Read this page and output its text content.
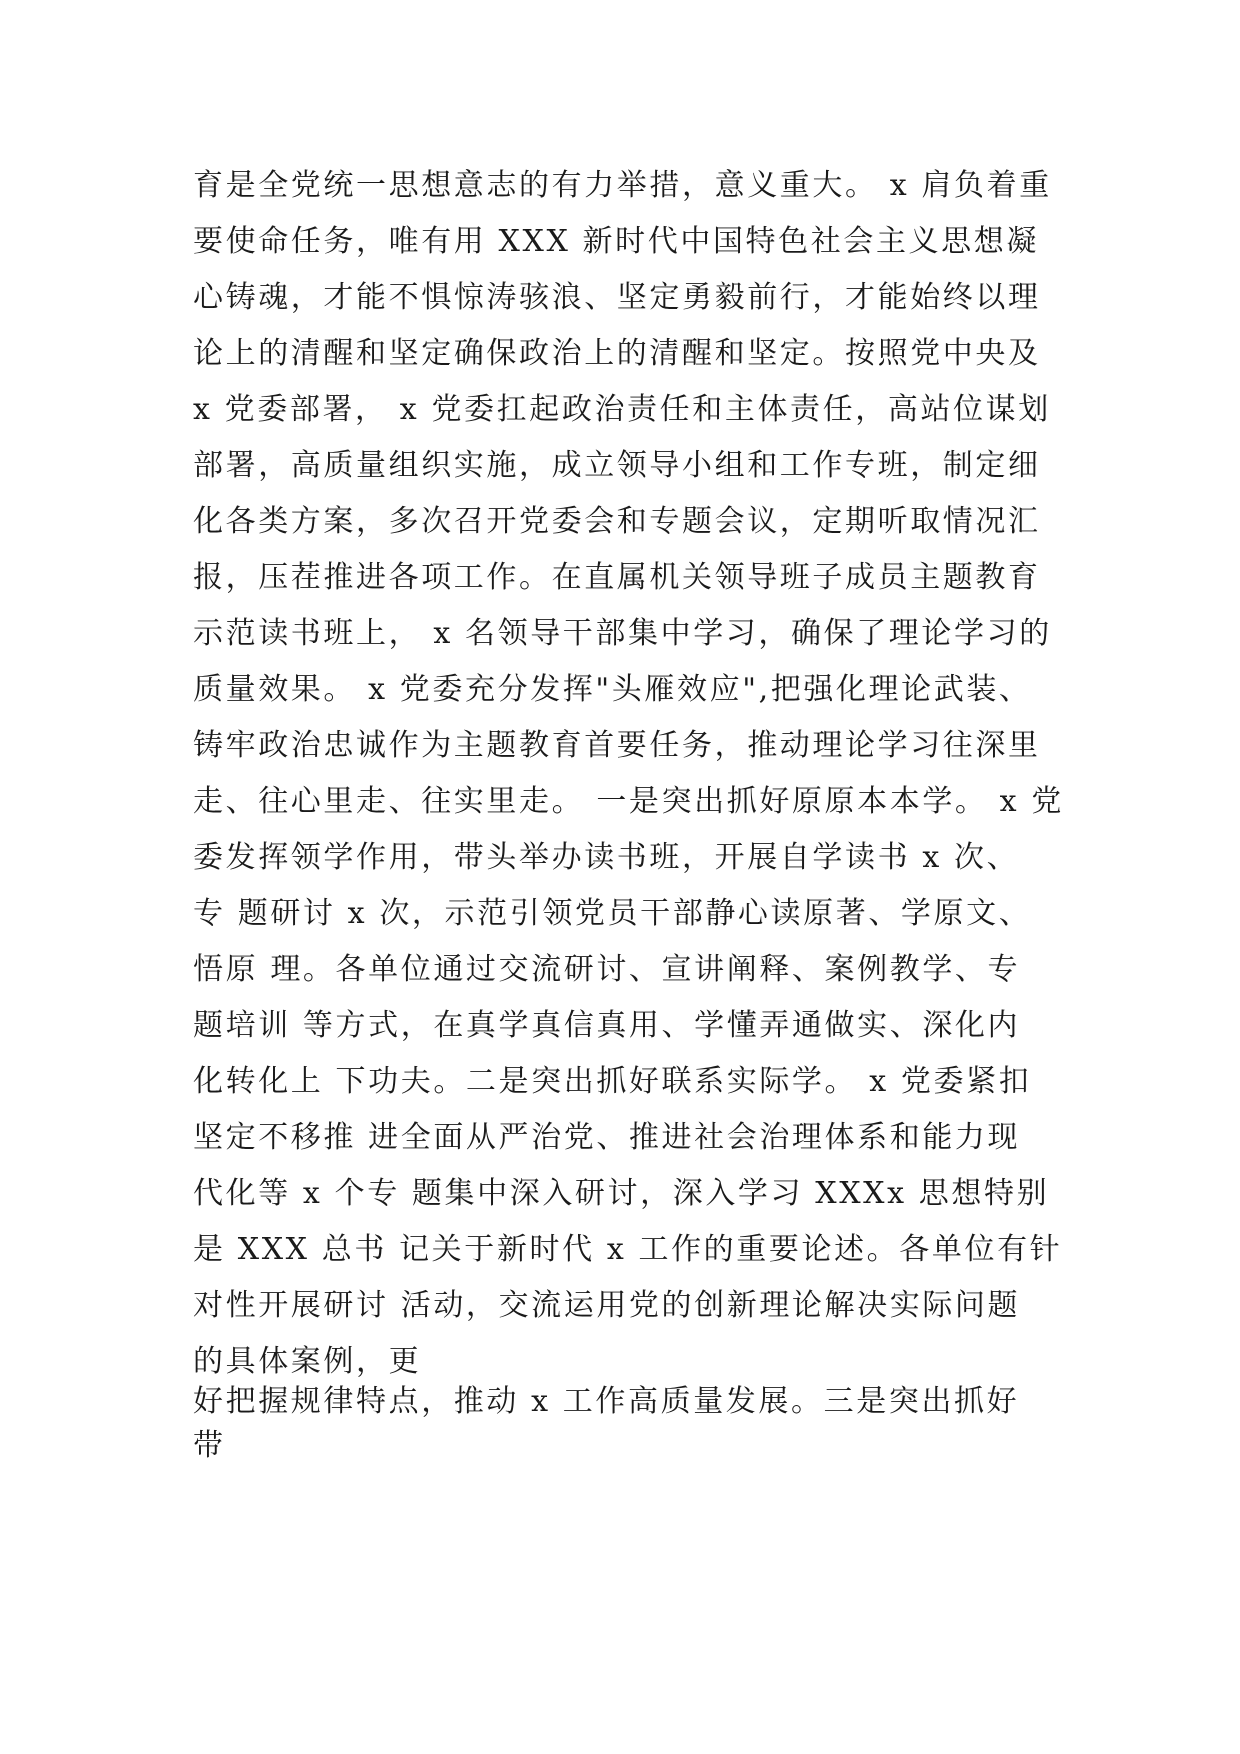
育是全党统一思想意志的有力举措，意义重大。 x 肩负着重
要使命任务，唯有用 XXX 新时代中国特色社会主义思想凝
心铸魂，才能不惧惊涛骇浪、坚定勇毅前行，才能始终以理
论上的清醒和坚定确保政治上的清醒和坚定。按照党中央及
x 党委部署， x 党委扛起政治责任和主体责任，高站位谋划
部署，高质量组织实施，成立领导小组和工作专班，制定细
化各类方案，多次召开党委会和专题会议，定期听取情况汇
报，压茬推进各项工作。在直属机关领导班子成员主题教育
示范读书班上， x 名领导干部集中学习，确保了理论学习的
质量效果。 x 党委充分发挥"头雁效应",把强化理论武装、
铸牢政治忠诚作为主题教育首要任务，推动理论学习往深里
走、往心里走、往实里走。 一是突出抓好原原本本学。 x 党
委发挥领学作用，带头举办读书班，开展自学读书 x 次、
专 题研讨 x 次，示范引领党员干部静心读原著、学原文、
悟原 理。各单位通过交流研讨、宣讲阐释、案例教学、专
题培训 等方式，在真学真信真用、学懂弄通做实、深化内
化转化上 下功夫。二是突出抓好联系实际学。 x 党委紧扣
坚定不移推 进全面从严治党、推进社会治理体系和能力现
代化等 x 个专 题集中深入研讨，深入学习 XXXx 思想特别
是 XXX 总书 记关于新时代 x 工作的重要论述。各单位有针
对性开展研讨 活动，交流运用党的创新理论解决实际问题
的具体案例，更
好把握规律特点，推动 x 工作高质量发展。三是突出抓好
带
